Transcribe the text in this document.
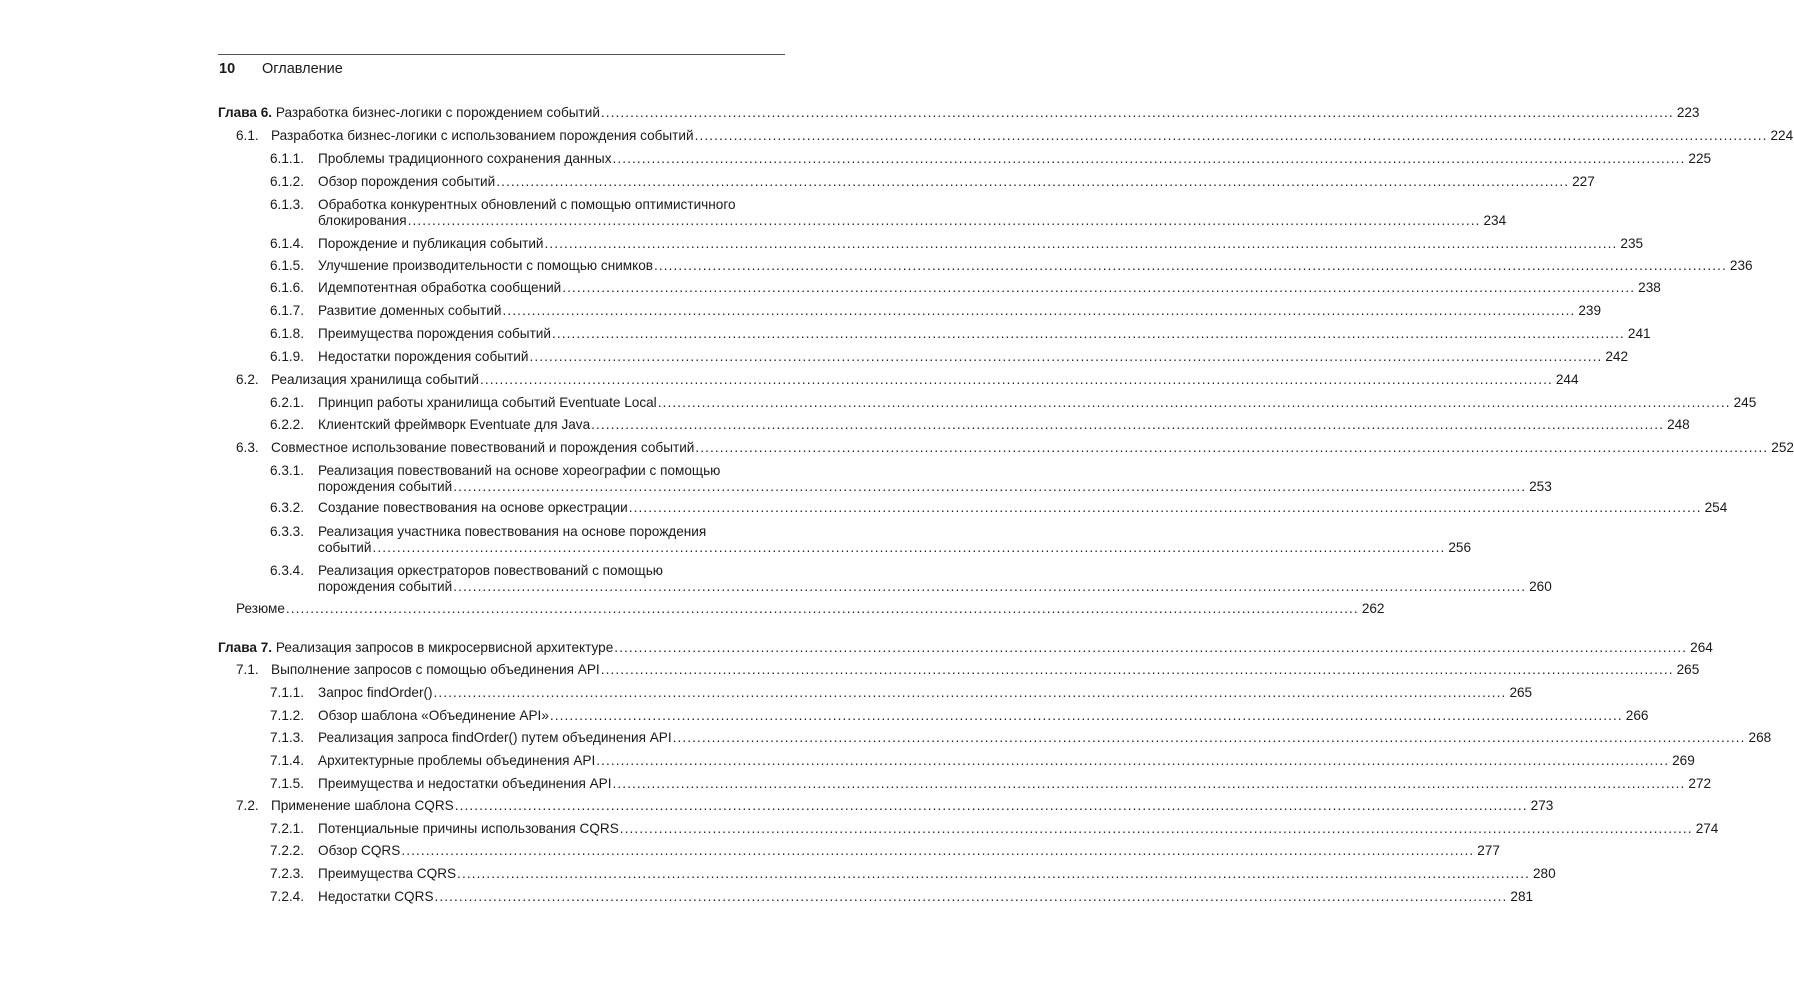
10 Оглавление
Глава 6. Разработка бизнес-логики с порождением событий ............................................................................................................................................................................................................................ 223
6.1. Разработка бизнес-логики с использованием порождения событий ............................................................................................................................................................................................................................ 224
6.1.1. Проблемы традиционного сохранения данных ............................................................................................................................................................................................................................ 225
6.1.2. Обзор порождения событий ............................................................................................................................................................................................................................ 227
6.1.3. Обработка конкурентных обновлений с помощью оптимистичного
блокирования ............................................................................................................................................................................................................................ 234
6.1.4. Порождение и публикация событий ............................................................................................................................................................................................................................ 235
6.1.5. Улучшение производительности с помощью снимков ............................................................................................................................................................................................................................ 236
6.1.6. Идемпотентная обработка сообщений ............................................................................................................................................................................................................................ 238
6.1.7. Развитие доменных событий ............................................................................................................................................................................................................................ 239
6.1.8. Преимущества порождения событий ............................................................................................................................................................................................................................ 241
6.1.9. Недостатки порождения событий ............................................................................................................................................................................................................................ 242
6.2. Реализация хранилища событий ............................................................................................................................................................................................................................ 244
6.2.1. Принцип работы хранилища событий Eventuate Local ............................................................................................................................................................................................................................ 245
6.2.2. Клиентский фреймворк Eventuate для Java ............................................................................................................................................................................................................................ 248
6.3. Совместное использование повествований и порождения событий ............................................................................................................................................................................................................................ 252
6.3.1. Реализация повествований на основе хореографии с помощью
порождения событий ............................................................................................................................................................................................................................ 253
6.3.2. Создание повествования на основе оркестрации ............................................................................................................................................................................................................................ 254
6.3.3. Реализация участника повествования на основе порождения
событий ............................................................................................................................................................................................................................ 256
6.3.4. Реализация оркестраторов повествований с помощью
порождения событий ............................................................................................................................................................................................................................ 260
Резюме ............................................................................................................................................................................................................................ 262
Глава 7. Реализация запросов в микросервисной архитектуре ............................................................................................................................................................................................................................ 264
7.1. Выполнение запросов с помощью объединения API ............................................................................................................................................................................................................................ 265
7.1.1. Запрос findOrder() ............................................................................................................................................................................................................................ 265
7.1.2. Обзор шаблона «Объединение API» ............................................................................................................................................................................................................................ 266
7.1.3. Реализация запроса findOrder() путем объединения API ............................................................................................................................................................................................................................ 268
7.1.4. Архитектурные проблемы объединения API ............................................................................................................................................................................................................................ 269
7.1.5. Преимущества и недостатки объединения API ............................................................................................................................................................................................................................ 272
7.2. Применение шаблона CQRS ............................................................................................................................................................................................................................ 273
7.2.1. Потенциальные причины использования CQRS ............................................................................................................................................................................................................................ 274
7.2.2. Обзор CQRS ............................................................................................................................................................................................................................ 277
7.2.3. Преимущества CQRS ............................................................................................................................................................................................................................ 280
7.2.4. Недостатки CQRS ............................................................................................................................................................................................................................ 281
